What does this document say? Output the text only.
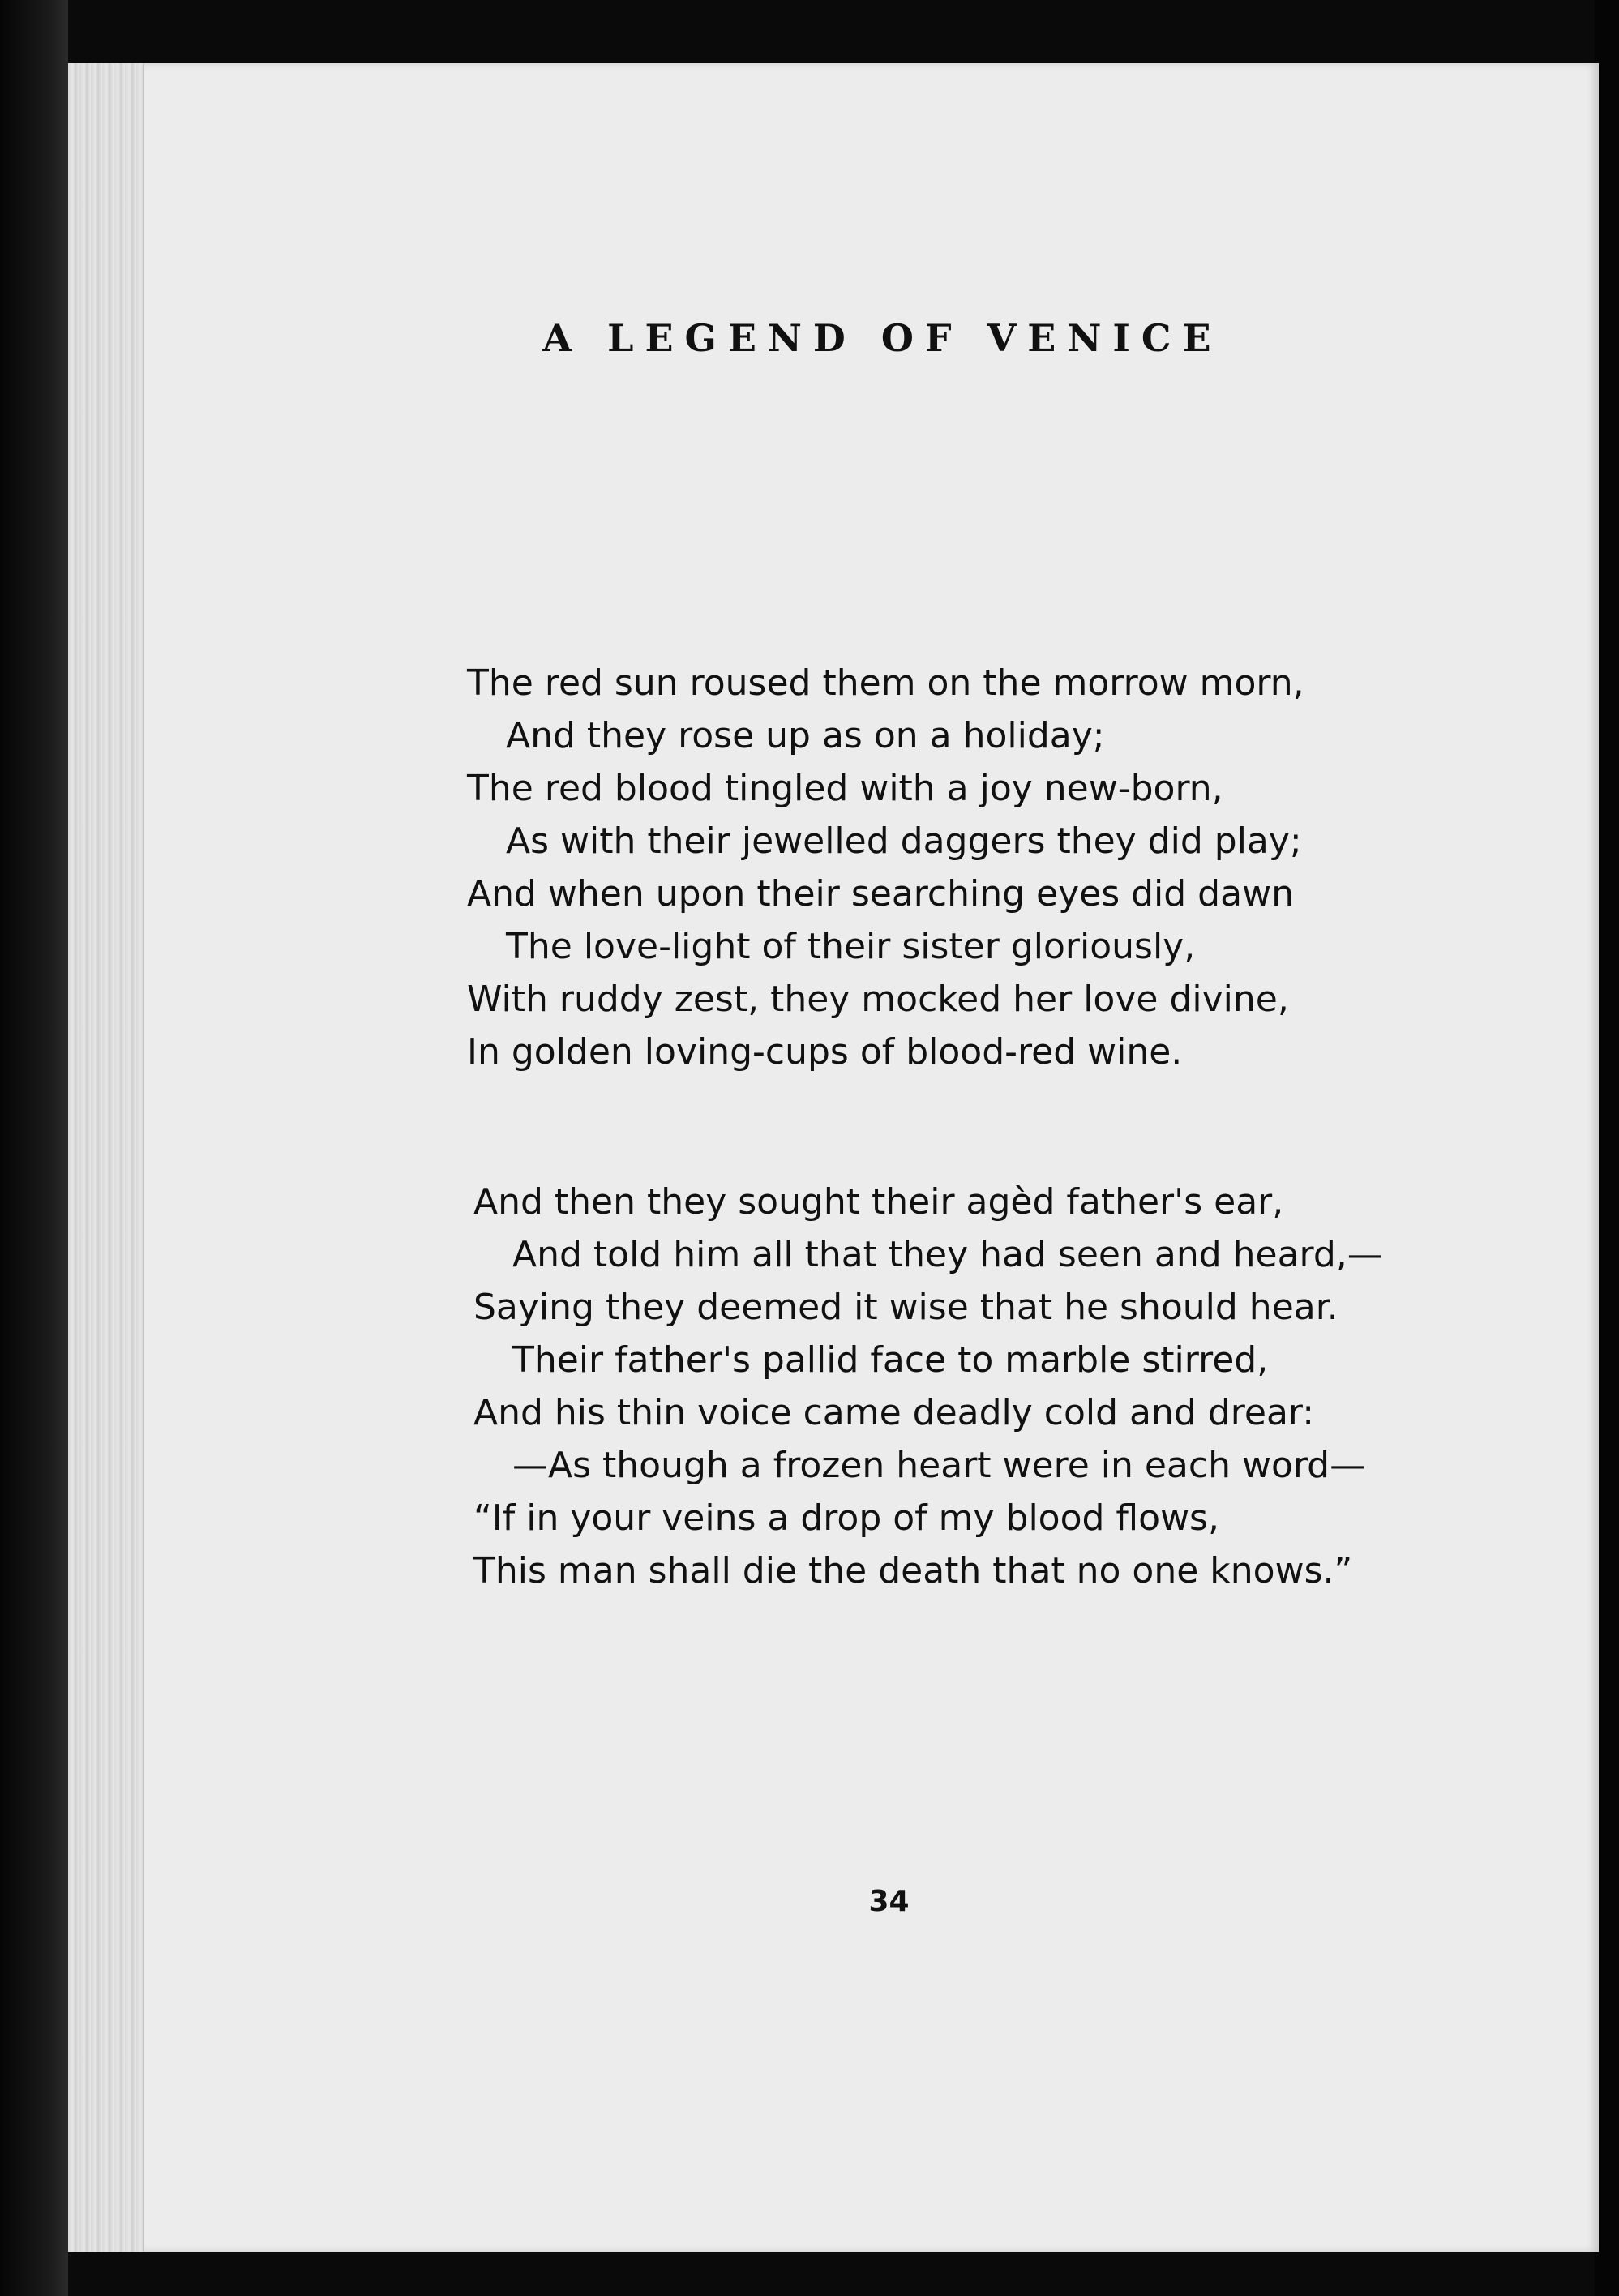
A LEGEND OF VENICE
The red sun roused them on the morrow morn,
And they rose up as on a holiday;
The red blood tingled with a joy new-born,
As with their jewelled daggers they did play;
And when upon their searching eyes did dawn
The love-light of their sister gloriously,
With ruddy zest, they mocked her love divine,
In golden loving-cups of blood-red wine.
And then they sought their agèd father's ear,
And told him all that they had seen and heard,—
Saying they deemed it wise that he should hear.
Their father's pallid face to marble stirred,
And his thin voice came deadly cold and drear:
—As though a frozen heart were in each word—
“If in your veins a drop of my blood flows,
This man shall die the death that no one knows.”
34
